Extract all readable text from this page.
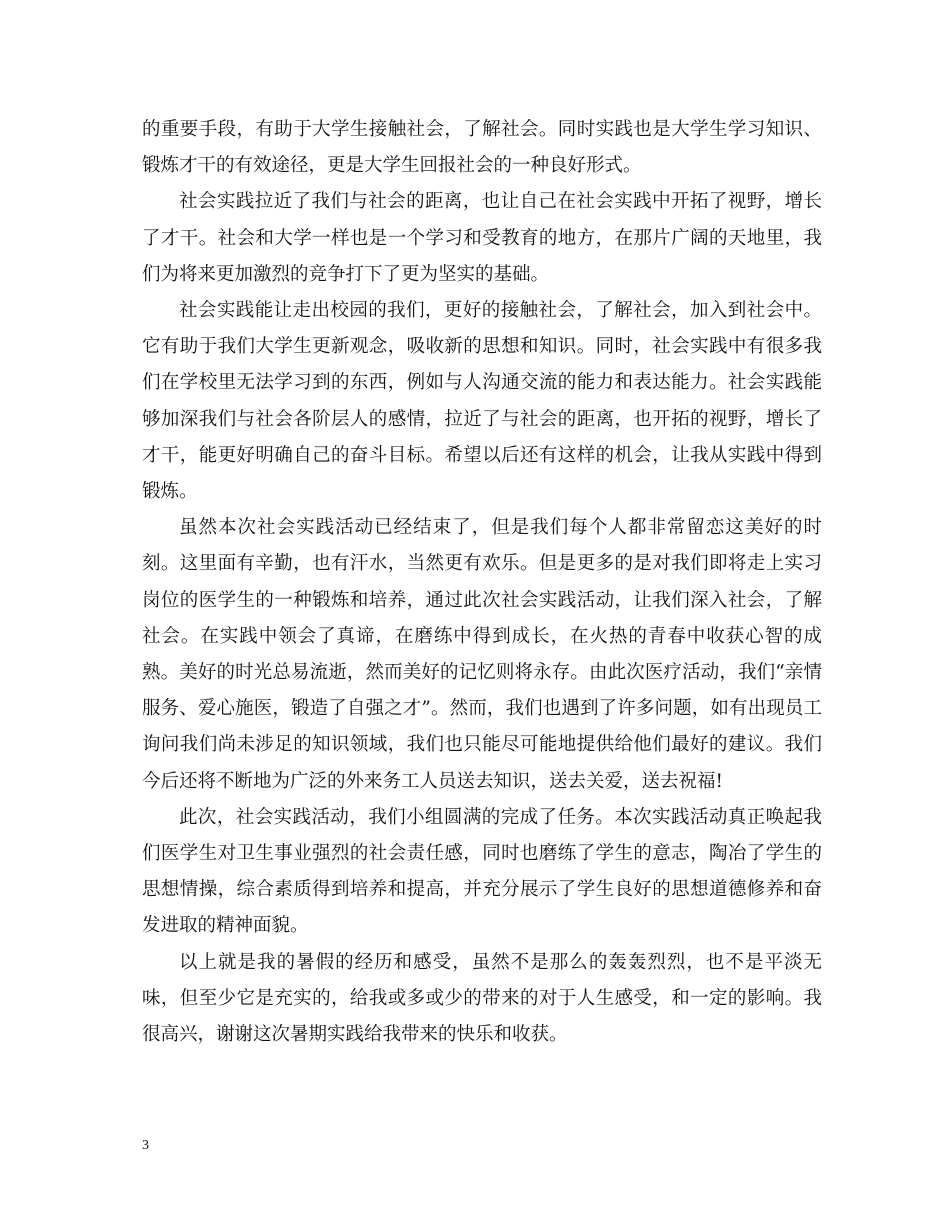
的重要手段，有助于大学生接触社会，了解社会。同时实践也是大学生学习知识、锻炼才干的有效途径，更是大学生回报社会的一种良好形式。

社会实践拉近了我们与社会的距离，也让自己在社会实践中开拓了视野，增长了才干。社会和大学一样也是一个学习和受教育的地方，在那片广阔的天地里，我们为将来更加激烈的竞争打下了更为坚实的基础。

社会实践能让走出校园的我们，更好的接触社会，了解社会，加入到社会中。它有助于我们大学生更新观念，吸收新的思想和知识。同时，社会实践中有很多我们在学校里无法学习到的东西，例如与人沟通交流的能力和表达能力。社会实践能够加深我们与社会各阶层人的感情，拉近了与社会的距离，也开拓的视野，增长了才干，能更好明确自己的奋斗目标。希望以后还有这样的机会，让我从实践中得到锻炼。

虽然本次社会实践活动已经结束了，但是我们每个人都非常留恋这美好的时刻。这里面有辛勤，也有汗水，当然更有欢乐。但是更多的是对我们即将走上实习岗位的医学生的一种锻炼和培养，通过此次社会实践活动，让我们深入社会，了解社会。在实践中领会了真谛，在磨练中得到成长，在火热的青春中收获心智的成熟。美好的时光总易流逝，然而美好的记忆则将永存。由此次医疗活动，我们“亲情服务、爱心施医，锻造了自强之才”。然而，我们也遇到了许多问题，如有出现员工询问我们尚未涉足的知识领域，我们也只能尽可能地提供给他们最好的建议。我们今后还将不断地为广泛的外来务工人员送去知识，送去关爱，送去祝福!

此次，社会实践活动，我们小组圆满的完成了任务。本次实践活动真正唤起我们医学生对卫生事业强烈的社会责任感，同时也磨练了学生的意志，陶冶了学生的思想情操，综合素质得到培养和提高，并充分展示了学生良好的思想道德修养和奋发进取的精神面貌。

以上就是我的暑假的经历和感受，虽然不是那么的轰轰烈烈，也不是平淡无味，但至少它是充实的，给我或多或少的带来的对于人生感受，和一定的影响。我很高兴，谢谢这次暑期实践给我带来的快乐和收获。

3
